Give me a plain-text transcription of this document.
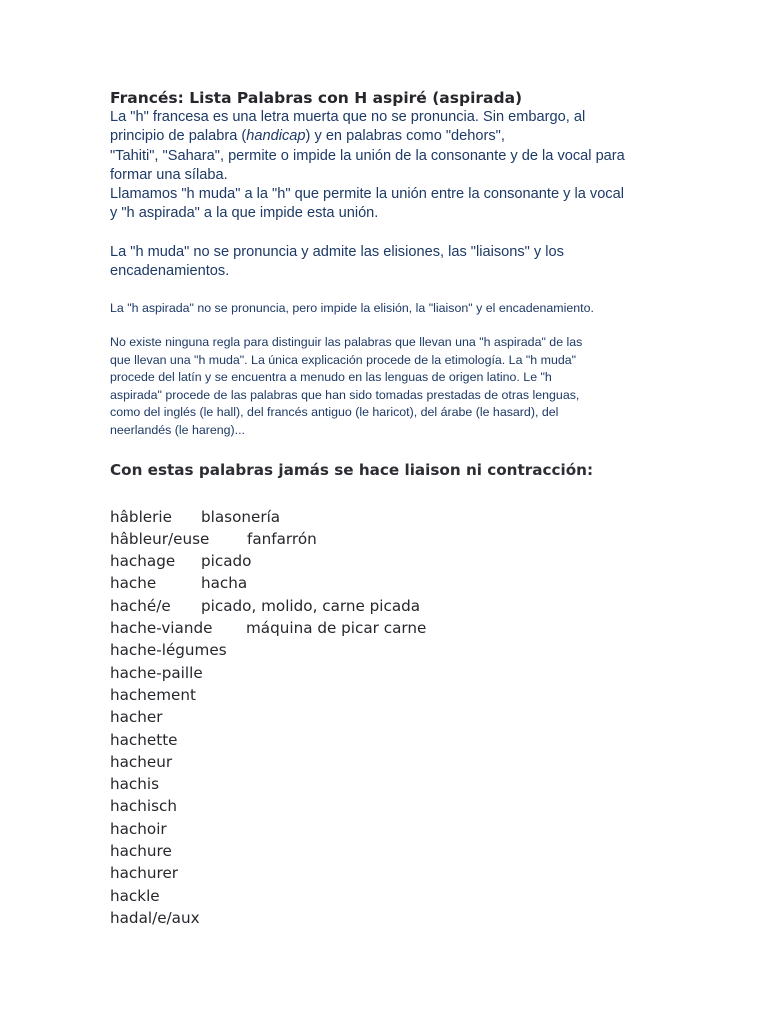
Francés: Lista Palabras con H aspiré (aspirada)

La "h" francesa es una letra muerta que no se pronuncia. Sin embargo, al
principio de palabra (handicap) y en palabras como "dehors",
"Tahiti", "Sahara", permite o impide la unión de la consonante y de la vocal para
formar una sílaba.
Llamamos "h muda" a la "h" que permite la unión entre la consonante y la vocal
y "h aspirada" a la que impide esta unión.

La "h muda" no se pronuncia y admite las elisiones, las "liaisons" y los
encadenamientos.

La "h aspirada" no se pronuncia, pero impide la elisión, la "liaison" y el encadenamiento.

No existe ninguna regla para distinguir las palabras que llevan una "h aspirada" de las
que llevan una "h muda". La única explicación procede de la etimología. La "h muda"
procede del latín y se encuentra a menudo en las lenguas de origen latino. Le "h
aspirada" procede de las palabras que han sido tomadas prestadas de otras lenguas,
como del inglés (le hall), del francés antiguo (le haricot), del árabe (le hasard), del
neerlandés (le hareng)...

Con estas palabras jamás se hace liaison ni contracción:
hâblerie blasonería
hâbleur/euse fanfarrón
hachage picado
hache	hacha
haché/e picado, molido, carne picada
hache-viande máquina de picar carne
hache-légumes
hache-paille
hachement
hacher
hachette
hacheur
hachis
hachisch
hachoir
hachure
hachurer
hackle
hadal/e/aux
